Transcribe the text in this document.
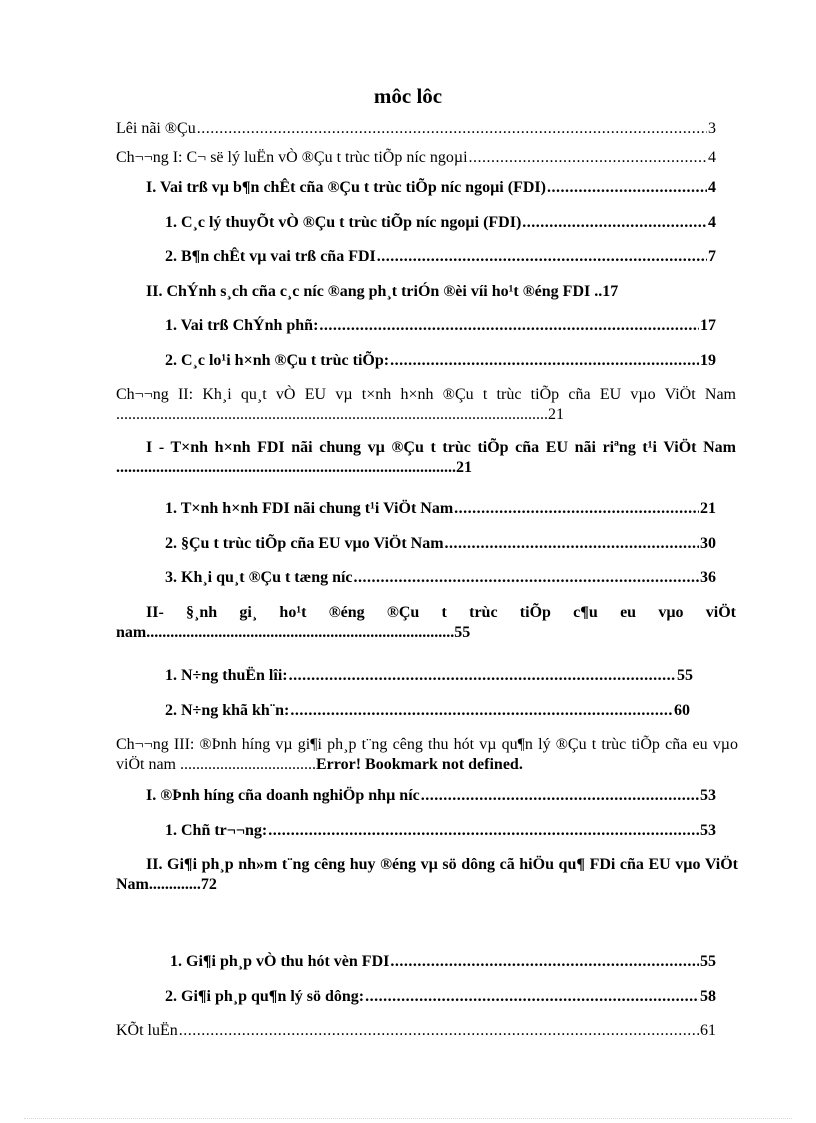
môc lôc
Lêi nãi ®Çu .....	3
Ch¬¬ng I: C¬ së lý luËn vÒ ®Çu t trùc tiÕp níc ngoµi .....	4
I. Vai trß vµ b¶n chÊt cña ®Çu t trùc tiÕp níc ngoµi (FDI) .....	4
1. C¸c lý thuyÕt vÒ ®Çu t trùc tiÕp níc ngoµi (FDI) .....	4
2. B¶n chÊt vµ vai trß cña FDI .....	7
II. ChÝnh s¸ch cña c¸c níc ®ang ph¸t triÓn ®èi víi ho¹t ®éng FDI .. 17
1. Vai trß ChÝnh phñ: .....	17
2. C¸c lo¹i h×nh ®Çu t trùc tiÕp: .....	19
Ch¬¬ng II: Kh¸i qu¸t vÒ EU vµ t×nh h×nh ®Çu t trùc tiÕp cña EU vµo ViÖt Nam ............................................................................................................21
I - T×nh h×nh FDI nãi chung vµ ®Çu t trùc tiÕp cña EU nãi riªng t¹i ViÖt Nam .....................................................................................21
1. T×nh h×nh FDI nãi chung t¹i ViÖt Nam .....	21
2. §Çu t trùc tiÕp cña EU vµo ViÖt Nam .....	30
3. Kh¸i qu¸t ®Çu t tæng níc .....	36
II- §¸nh gi¸ ho¹t ®éng ®Çu t trùc tiÕp c¶u eu vµo viÖt nam.............................................................................55
1. N÷ng thuËn lîi: .....	55
2. N÷ng khã kh¨n: .....	60
Ch¬¬ng III: ®Þnh híng vµ gi¶i ph¸p t¨ng cêng thu hót vµ qu¶n lý ®Çu t trùc tiÕp cña eu vµo viÖt nam ..................................Error! Bookmark not defined.
I. ®Þnh híng cña doanh nghiÖp nhµ níc .....	53
1. Chñ tr¬¬ng: .....	53
II. Gi¶i ph¸p nh»m t¨ng cêng huy ®éng vµ sö dông cã hiÖu qu¶ FDi cña EU vµo ViÖt Nam.............72
1. Gi¶i ph¸p vÒ thu hót vèn FDI .....	55
2. Gi¶i ph¸p qu¶n lý sö dông: .....	58
KÕt luËn .....	61
